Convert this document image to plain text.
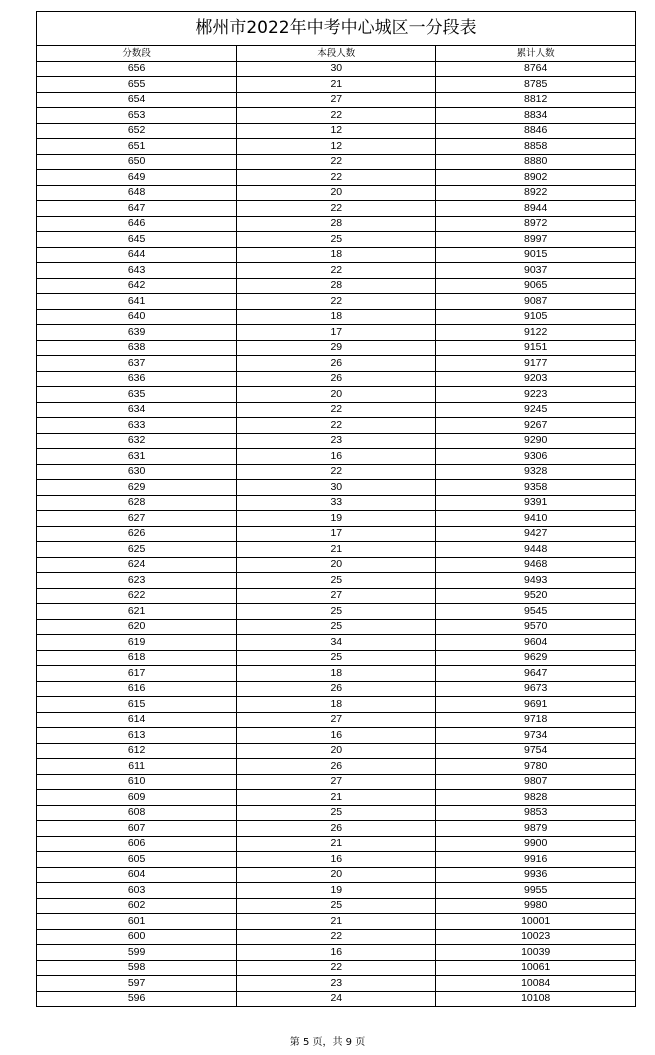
郴州市2022年中考中心城区一分段表
分数段	本段人数	累计人数
656	30	8764
655	21	8785
654	27	8812
653	22	8834
652	12	8846
651	12	8858
650	22	8880
649	22	8902
648	20	8922
647	22	8944
646	28	8972
645	25	8997
644	18	9015
643	22	9037
642	28	9065
641	22	9087
640	18	9105
639	17	9122
638	29	9151
637	26	9177
636	26	9203
635	20	9223
634	22	9245
633	22	9267
632	23	9290
631	16	9306
630	22	9328
629	30	9358
628	33	9391
627	19	9410
626	17	9427
625	21	9448
624	20	9468
623	25	9493
622	27	9520
621	25	9545
620	25	9570
619	34	9604
618	25	9629
617	18	9647
616	26	9673
615	18	9691
614	27	9718
613	16	9734
612	20	9754
611	26	9780
610	27	9807
609	21	9828
608	25	9853
607	26	9879
606	21	9900
605	16	9916
604	20	9936
603	19	9955
602	25	9980
601	21	10001
600	22	10023
599	16	10039
598	22	10061
597	23	10084
596	24	10108
第 5 页，共 9 页
